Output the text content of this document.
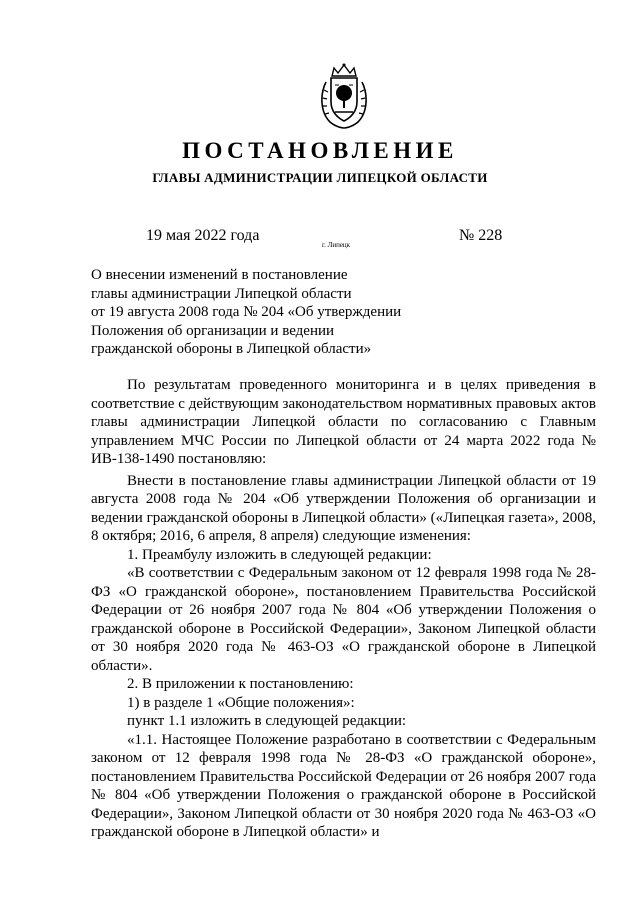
ПОСТАНОВЛЕНИЕ
ГЛАВЫ АДМИНИСТРАЦИИ ЛИПЕЦКОЙ ОБЛАСТИ
19 мая 2022 года
г. Липецк
№ 228
О внесении изменений в постановление
главы администрации Липецкой области
от 19 августа 2008 года № 204 «Об утверждении
Положения об организации и ведении
гражданской обороны в Липецкой области»

По результатам проведенного мониторинга и в целях приведения в соответствие с действующим законодательством нормативных правовых актов главы администрации Липецкой области по согласованию с Главным управлением МЧС России по Липецкой области от 24 марта 2022 года № ИВ-138-1490 постановляю:

Внести в постановление главы администрации Липецкой области от 19 августа 2008 года № 204 «Об утверждении Положения об организации и ведении гражданской обороны в Липецкой области» («Липецкая газета», 2008, 8 октября; 2016, 6 апреля, 8 апреля) следующие изменения:

1. Преамбулу изложить в следующей редакции:

«В соответствии с Федеральным законом от 12 февраля 1998 года № 28-ФЗ «О гражданской обороне», постановлением Правительства Российской Федерации от 26 ноября 2007 года № 804 «Об утверждении Положения о гражданской обороне в Российской Федерации», Законом Липецкой области от 30 ноября 2020 года № 463-ОЗ «О гражданской обороне в Липецкой области».

2. В приложении к постановлению:

1) в разделе 1 «Общие положения»:

пункт 1.1 изложить в следующей редакции:

«1.1. Настоящее Положение разработано в соответствии с Федеральным законом от 12 февраля 1998 года № 28-ФЗ «О гражданской обороне», постановлением Правительства Российской Федерации от 26 ноября 2007 года № 804 «Об утверждении Положения о гражданской обороне в Российской Федерации», Законом Липецкой области от 30 ноября 2020 года № 463-ОЗ «О гражданской обороне в Липецкой области» и
